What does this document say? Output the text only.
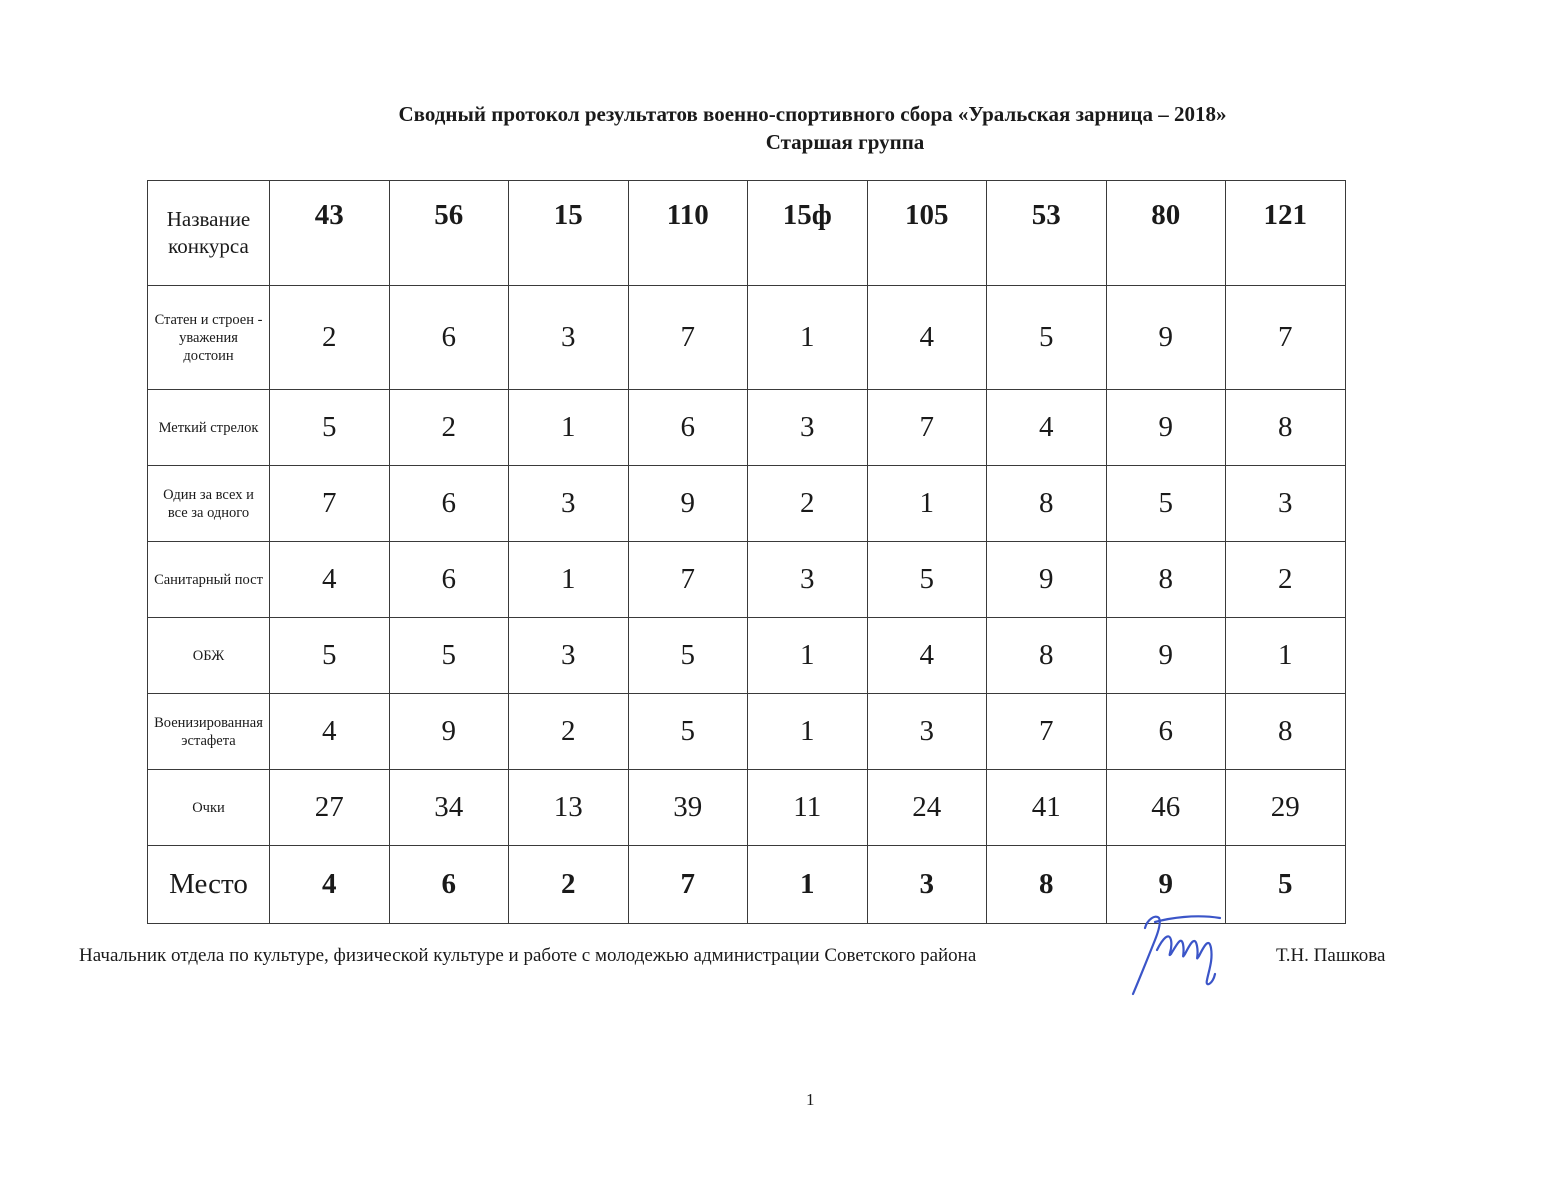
Сводный протокол результатов военно-спортивного сбора «Уральская зарница – 2018»
Старшая группа
Название конкурса	43	56	15	110	15ф	105	53	80	121

Статен и строен - уважения достоин	2	6	3	7	1	4	5	9	7

Меткий стрелок	5	2	1	6	3	7	4	9	8

Один за всех и все за одного	7	6	3	9	2	1	8	5	3

Санитарный пост	4	6	1	7	3	5	9	8	2

ОБЖ	5	5	3	5	1	4	8	9	1

Военизированная эстафета	4	9	2	5	1	3	7	6	8

Очки	27	34	13	39	11	24	41	46	29
Место	4	6	2	7	1	3	8	9	5
Начальник отдела по культуре, физической культуре и работе с молодежью администрации Советского района	Т.Н. Пашкова
1
